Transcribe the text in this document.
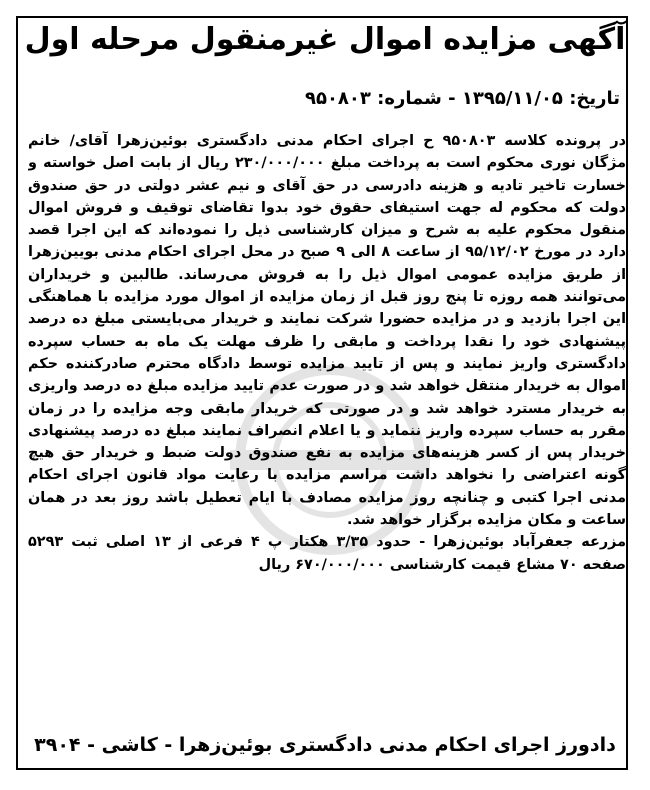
آگهی مزایده اموال غیرمنقول مرحله اول
تاریخ: ۱۳۹۵/۱۱/۰۵ - شماره: ۹۵۰۸۰۳

در پرونده کلاسه ۹۵۰۸۰۳ ح اجرای احکام مدنی دادگستری بوئین‌زهرا آقای/ خانم مژگان نوری محکوم است به پرداخت مبلغ ۲۳۰/۰۰۰/۰۰۰ ریال از بابت اصل خواسته و خسارت تاخیر تادیه و هزینه دادرسی در حق آقای و نیم عشر دولتی در حق صندوق دولت که محکوم له جهت استیفای حقوق خود بدوا تقاضای توقیف و فروش اموال منقول محکوم علیه به شرح و میزان کارشناسی ذیل را نموده‌اند که این اجرا قصد دارد در مورخ ۹۵/۱۲/۰۲ از ساعت ۸ الی ۹ صبح در محل اجرای احکام مدنی بویین‌زهرا از طریق مزایده عمومی اموال ذیل را به فروش می‌رساند. طالبین و خریداران می‌توانند همه روزه تا پنج روز قبل از زمان مزایده از اموال مورد مزایده با هماهنگی این اجرا بازدید و در مزایده حضورا شرکت نمایند و خریدار می‌بایستی مبلغ ده درصد پیشنهادی خود را نقدا پرداخت و مابقی را ظرف مهلت یک ماه به حساب سپرده دادگستری واریز نمایند و پس از تایید مزایده توسط دادگاه محترم صادرکننده حکم اموال به خریدار منتقل خواهد شد و در صورت عدم تایید مزایده مبلغ ده درصد واریزی به خریدار مسترد خواهد شد و در صورتی که خریدار مابقی وجه مزایده را در زمان مقرر به حساب سپرده واریز ننماید و یا اعلام انصراف نمایند مبلغ ده درصد پیشنهادی خریدار پس از کسر هزینه‌های مزایده به نفع صندوق دولت ضبط و خریدار حق هیچ گونه اعتراضی را نخواهد داشت مراسم مزایده با رعایت مواد قانون اجرای احکام مدنی اجرا کتبی و چنانچه روز مزایده مصادف با ایام تعطیل باشد روز بعد در همان ساعت و مکان مزایده برگزار خواهد شد.

مزرعه جعفرآباد بوئین‌زهرا - حدود ۳/۳۵ هکتار پ ۴ فرعی از ۱۳ اصلی ثبت ۵۲۹۳ صفحه ۷۰ مشاع قیمت کارشناسی ۶۷۰/۰۰۰/۰۰۰ ریال

دادورز اجرای احکام مدنی دادگستری بوئین‌زهرا - کاشی - ۳۹۰۴
